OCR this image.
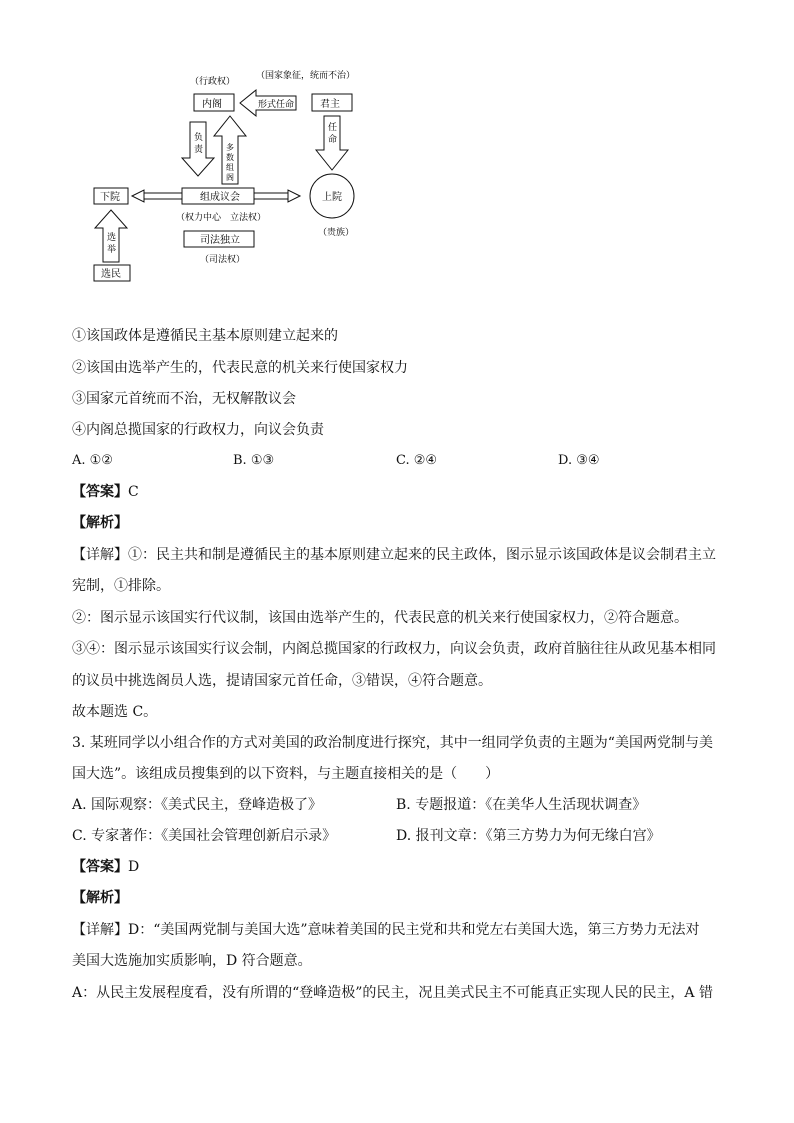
（国家象征，统而不治）
（行政权）
内阁	君主
形式任命
任
命
负
责	多
数
组
阁
下院	组成议会	上院
（权力中心　立法权）
（贵族）
司法独立
（司法权）
选
举
选民
①该国政体是遵循民主基本原则建立起来的
②该国由选举产生的，代表民意的机关来行使国家权力
③国家元首统而不治，无权解散议会
④内阁总揽国家的行政权力，向议会负责
A. ①②	B. ①③	C. ②④	D. ③④
【答案】C
【解析】
【详解】①：民主共和制是遵循民主的基本原则建立起来的民主政体，图示显示该国政体是议会制君主立
宪制，①排除。
②：图示显示该国实行代议制，该国由选举产生的，代表民意的机关来行使国家权力，②符合题意。
③④：图示显示该国实行议会制，内阁总揽国家的行政权力，向议会负责，政府首脑往往从政见基本相同
的议员中挑选阁员人选，提请国家元首任命，③错误，④符合题意。
故本题选 C。
3. 某班同学以小组合作的方式对美国的政治制度进行探究，其中一组同学负责的主题为“美国两党制与美
国大选”。该组成员搜集到的以下资料，与主题直接相关的是（　　）
A. 国际观察：《美式民主，登峰造极了》	B. 专题报道：《在美华人生活现状调查》
C. 专家著作：《美国社会管理创新启示录》	D. 报刊文章：《第三方势力为何无缘白宫》
【答案】D
【解析】
【详解】D：“美国两党制与美国大选”意味着美国的民主党和共和党左右美国大选，第三方势力无法对
美国大选施加实质影响，D 符合题意。
A：从民主发展程度看，没有所谓的“登峰造极”的民主，况且美式民主不可能真正实现人民的民主，A 错
